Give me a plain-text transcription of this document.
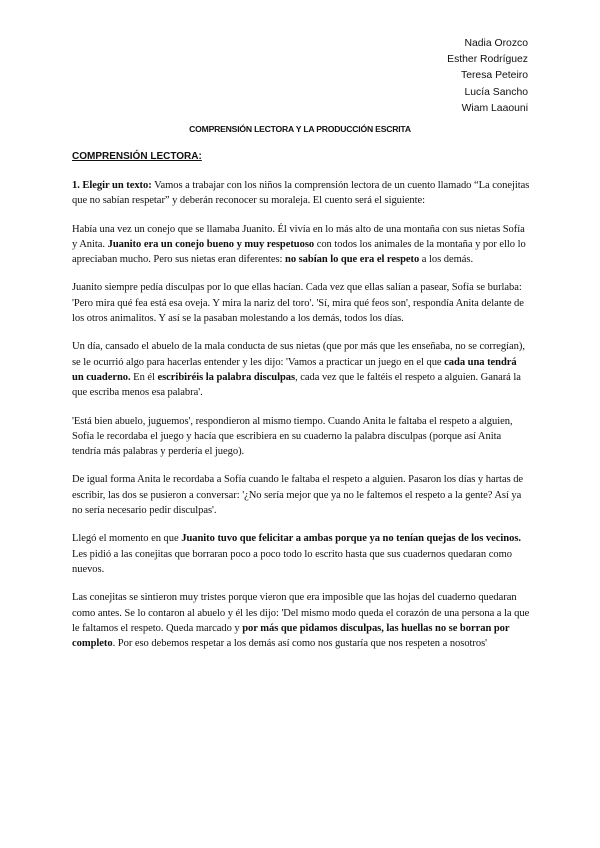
Nadia Orozco
Esther Rodríguez
Teresa Peteiro
Lucía Sancho
Wiam Laaouni
COMPRENSIÓN LECTORA Y LA PRODUCCIÓN ESCRITA
COMPRENSIÓN LECTORA:

1. Elegir un texto: Vamos a trabajar con los niños la comprensión lectora de un cuento llamado “La conejitas que no sabían respetar” y deberán reconocer su moraleja. El cuento será el siguiente:

Había una vez un conejo que se llamaba Juanito. Él vivía en lo más alto de una montaña con sus nietas Sofía y Anita. Juanito era un conejo bueno y muy respetuoso con todos los animales de la montaña y por ello lo apreciaban mucho. Pero sus nietas eran diferentes: no sabían lo que era el respeto a los demás.

Juanito siempre pedía disculpas por lo que ellas hacían. Cada vez que ellas salían a pasear, Sofía se burlaba: 'Pero mira qué fea está esa oveja. Y mira la nariz del toro'. 'Sí, mira qué feos son', respondía Anita delante de los otros animalitos. Y así se la pasaban molestando a los demás, todos los días.

Un día, cansado el abuelo de la mala conducta de sus nietas (que por más que les enseñaba, no se corregían), se le ocurrió algo para hacerlas entender y les dijo: 'Vamos a practicar un juego en el que cada una tendrá un cuaderno. En él escribiréis la palabra disculpas, cada vez que le faltéis el respeto a alguien. Ganará la que escriba menos esa palabra'.

'Está bien abuelo, juguemos', respondieron al mismo tiempo. Cuando Anita le faltaba el respeto a alguien, Sofía le recordaba el juego y hacía que escribiera en su cuaderno la palabra disculpas (porque así Anita tendría más palabras y perdería el juego).

De igual forma Anita le recordaba a Sofía cuando le faltaba el respeto a alguien. Pasaron los días y hartas de escribir, las dos se pusieron a conversar: '¿No sería mejor que ya no le faltemos el respeto a la gente? Así ya no sería necesario pedir disculpas'.

Llegó el momento en que Juanito tuvo que felicitar a ambas porque ya no tenían quejas de los vecinos. Les pidió a las conejitas que borraran poco a poco todo lo escrito hasta que sus cuadernos quedaran como nuevos.

Las conejitas se sintieron muy tristes porque vieron que era imposible que las hojas del cuaderno quedaran como antes. Se lo contaron al abuelo y él les dijo: 'Del mismo modo queda el corazón de una persona a la que le faltamos el respeto. Queda marcado y por más que pidamos disculpas, las huellas no se borran por completo. Por eso debemos respetar a los demás así como nos gustaría que nos respeten a nosotros'
